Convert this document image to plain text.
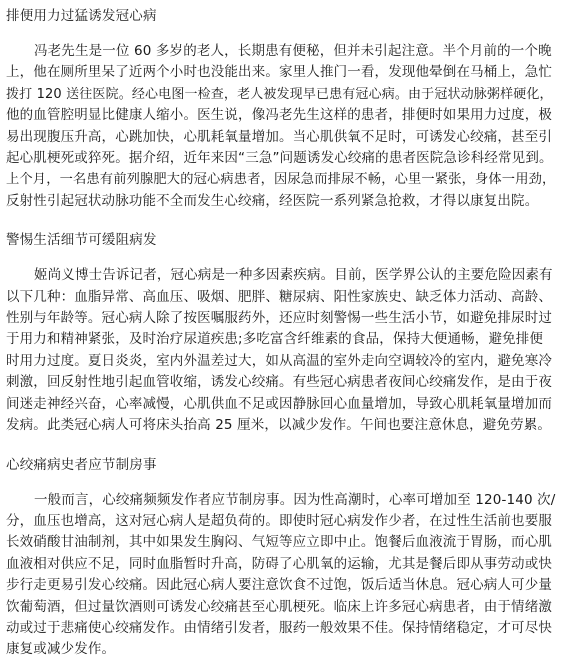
排便用力过猛诱发冠心病
冯老先生是一位 60 多岁的老人，长期患有便秘，但并未引起注意。半个月前的一个晚
上，他在厕所里呆了近两个小时也没能出来。家里人推门一看，发现他晕倒在马桶上，急忙
拨打 120 送往医院。经心电图一检查，老人被发现早已患有冠心病。由于冠状动脉粥样硬化，
他的血管腔明显比健康人缩小。医生说，像冯老先生这样的患者，排便时如果用力过度，极
易出现腹压升高，心跳加快，心肌耗氧量增加。当心肌供氧不足时，可诱发心绞痛，甚至引
起心肌梗死或猝死。据介绍，近年来因“三急”问题诱发心绞痛的患者医院急诊科经常见到。
上个月，一名患有前列腺肥大的冠心病患者，因尿急而排尿不畅，心里一紧张，身体一用劲，
反射性引起冠状动脉功能不全而发生心绞痛，经医院一系列紧急抢救，才得以康复出院。
警惕生活细节可缓阻病发
姬尚义博士告诉记者，冠心病是一种多因素疾病。目前，医学界公认的主要危险因素有
以下几种：血脂异常、高血压、吸烟、肥胖、糖尿病、阳性家族史、缺乏体力活动、高龄、
性别与年龄等。冠心病人除了按医嘱服药外，还应时刻警惕一些生活小节，如避免排尿时过
于用力和精神紧张，及时治疗尿道疾患;多吃富含纤维素的食品，保持大便通畅，避免排便
时用力过度。夏日炎炎，室内外温差过大，如从高温的室外走向空调较冷的室内，避免寒冷
刺激，回反射性地引起血管收缩，诱发心绞痛。有些冠心病患者夜间心绞痛发作，是由于夜
间迷走神经兴奋，心率减慢，心肌供血不足或因静脉回心血量增加，导致心肌耗氧量增加而
发病。此类冠心病人可将床头抬高 25 厘米，以减少发作。午间也要注意休息，避免劳累。
心绞痛病史者应节制房事
一般而言，心绞痛频频发作者应节制房事。因为性高潮时，心率可增加至 120-140 次/
分，血压也增高，这对冠心病人是超负荷的。即使时冠心病发作少者，在过性生活前也要服
长效硝酸甘油制剂，其中如果发生胸闷、气短等应立即中止。饱餐后血液流于胃肠，而心肌
血液相对供应不足，同时血脂暂时升高，防碍了心肌氧的运输，尤其是餐后即从事劳动或快
步行走更易引发心绞痛。因此冠心病人要注意饮食不过饱，饭后适当休息。冠心病人可少量
饮葡萄酒，但过量饮酒则可诱发心绞痛甚至心肌梗死。临床上许多冠心病患者，由于情绪激
动或过于悲痛使心绞痛发作。由情绪引发者，服药一般效果不佳。保持情绪稳定，才可尽快
康复或减少发作。
